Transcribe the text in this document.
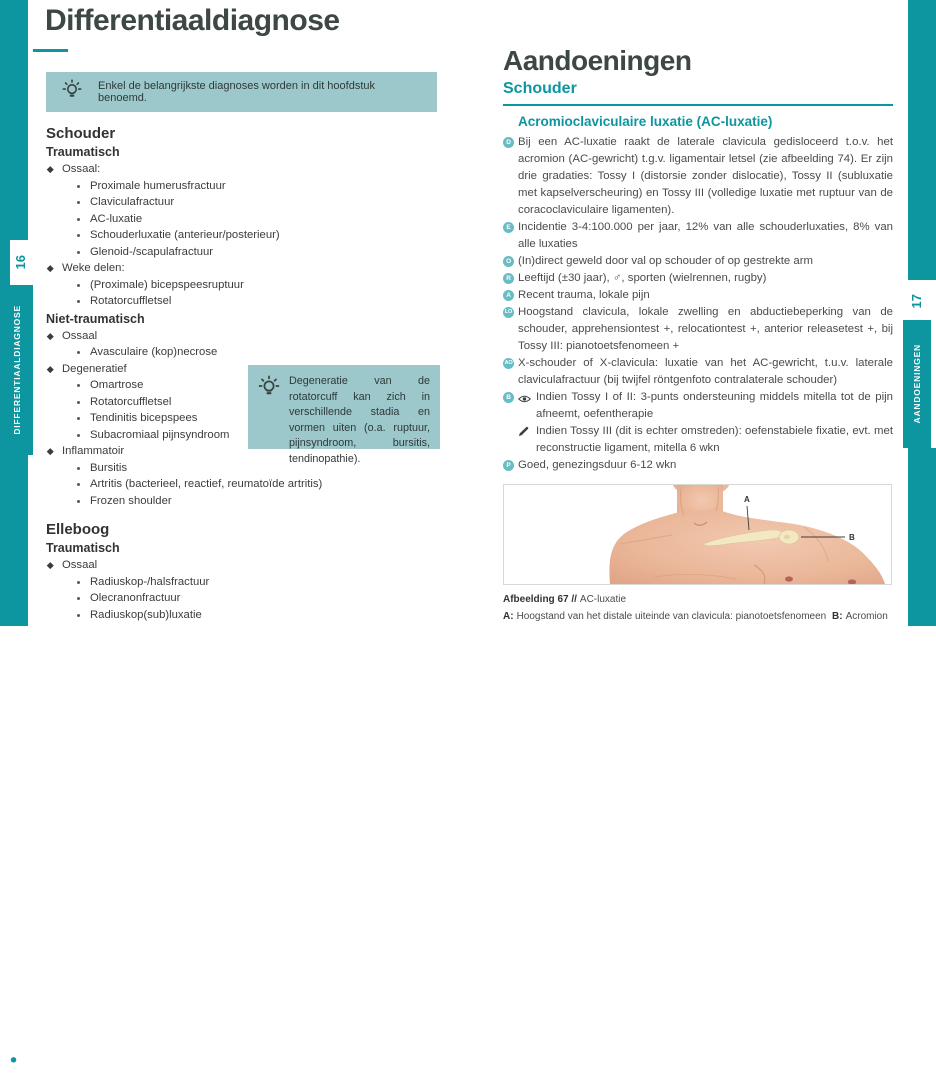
16
DIFFERENTIAALDIAGNOSE
17
AANDOENINGEN
Differentiaaldiagnose
Enkel de belangrijkste diagnoses worden in dit hoofdstuk benoemd.
Schouder
Traumatisch
Ossaal:
Proximale humerusfractuur
Claviculafractuur
AC-luxatie
Schouderluxatie (anterieur/posterieur)
Glenoid-/scapulafractuur
Weke delen:
(Proximale) bicepspeesruptuur
Rotatorcuffletsel
Niet-traumatisch
Ossaal
Avasculaire (kop)necrose
Degeneratief
Omartrose
Rotatorcuffletsel
Tendinitis bicepspees
Subacromiaal pijnsyndroom
Inflammatoir
Bursitis
Artritis (bacterieel, reactief, reumatoïde artritis)
Frozen shoulder
Elleboog
Traumatisch
Ossaal
Radiuskop-/halsfractuur
Olecranonfractuur
Radiuskop(sub)luxatie
Degeneratie van de rotatorcuff kan zich in verschillende stadia en vormen uiten (o.a. ruptuur, pijnsyndroom, bursitis, tendinopathie).
Aandoeningen
Schouder
Acromioclaviculaire luxatie (AC-luxatie)
D Bij een AC-luxatie raakt de laterale clavicula gedisloceerd t.o.v. het acromion (AC-gewricht) t.g.v. ligamentair letsel (zie afbeelding 74). Er zijn drie gradaties: Tossy I (distorsie zonder dislocatie), Tossy II (subluxatie met kapselverscheuring) en Tossy III (volledige luxatie met ruptuur van de coracoclaviculaire ligamenten).
E Incidentie 3-4:100.000 per jaar, 12% van alle schouderluxaties, 8% van alle luxaties
O (In)direct geweld door val op schouder of op gestrekte arm
R Leeftijd (±30 jaar), ♂, sporten (wielrennen, rugby)
A Recent trauma, lokale pijn
LO Hoogstand clavicula, lokale zwelling en abductiebeperking van de schouder, apprehensiontest +, relocationtest +, anterior releasetest +, bij Tossy III: pianotoetsfenomeen +
AO X-schouder of X-clavicula: luxatie van het AC-gewricht, t.u.v. laterale claviculafractuur (bij twijfel röntgenfoto contralaterale schouder)
B	Indien Tossy I of II: 3-punts ondersteuning middels mitella tot de pijn afneemt, oefentherapie
Indien Tossy III (dit is echter omstreden): oefenstabiele fixatie, evt. met reconstructie ligament, mitella 6 wkn
P Goed, genezingsduur 6-12 wkn
A
B
Afbeelding 67 // AC-luxatie
A: Hoogstand van het distale uiteinde van clavicula: pianotoetsfenomeen B: Acromion
